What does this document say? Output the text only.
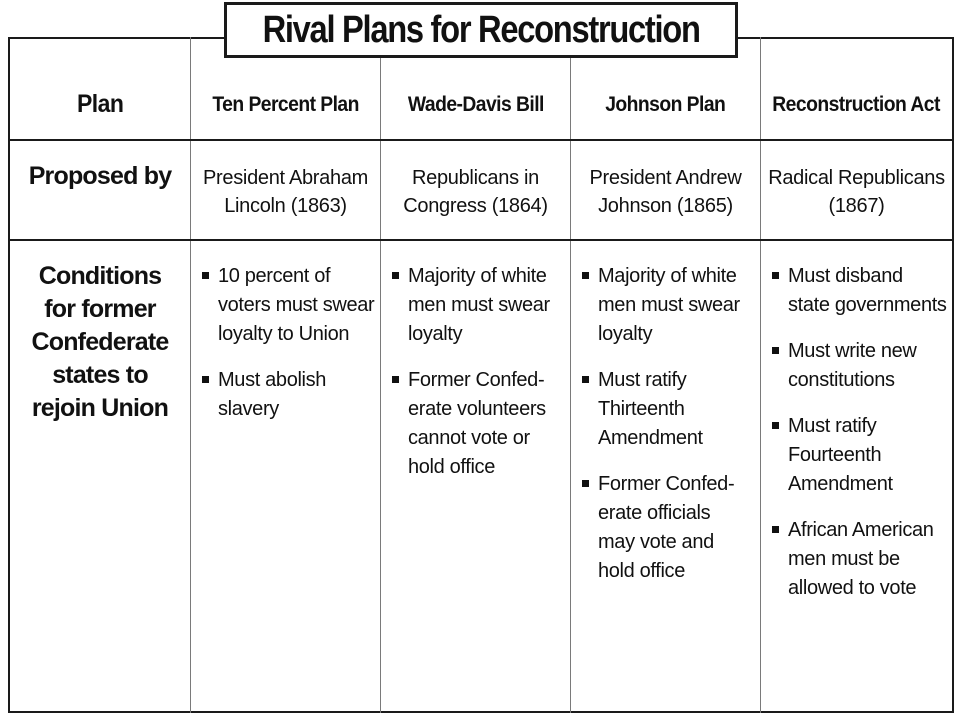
Rival Plans for Reconstruction
Plan	Ten Percent Plan Wade-Davis Bill	Johnson Plan Reconstruction Act
Proposed by President Abraham
Lincoln (1863)
Republicans in
Congress (1864)
President Andrew
Johnson (1865)
Radical Republicans
(1867)
Conditions
for former
Confederate
states to
rejoin Union
10 percent of
voters must swear
loyalty to Union
Must abolish
slavery
Majority of white
men must swear
loyalty
Former Confed-
erate volunteers
cannot vote or
hold office
Majority of white
men must swear
loyalty
Must ratify
Thirteenth
Amendment
Former Confed-
erate officials
may vote and
hold office
Must disband
state governments
Must write new
constitutions
Must ratify
Fourteenth
Amendment
African American
men must be
allowed to vote
